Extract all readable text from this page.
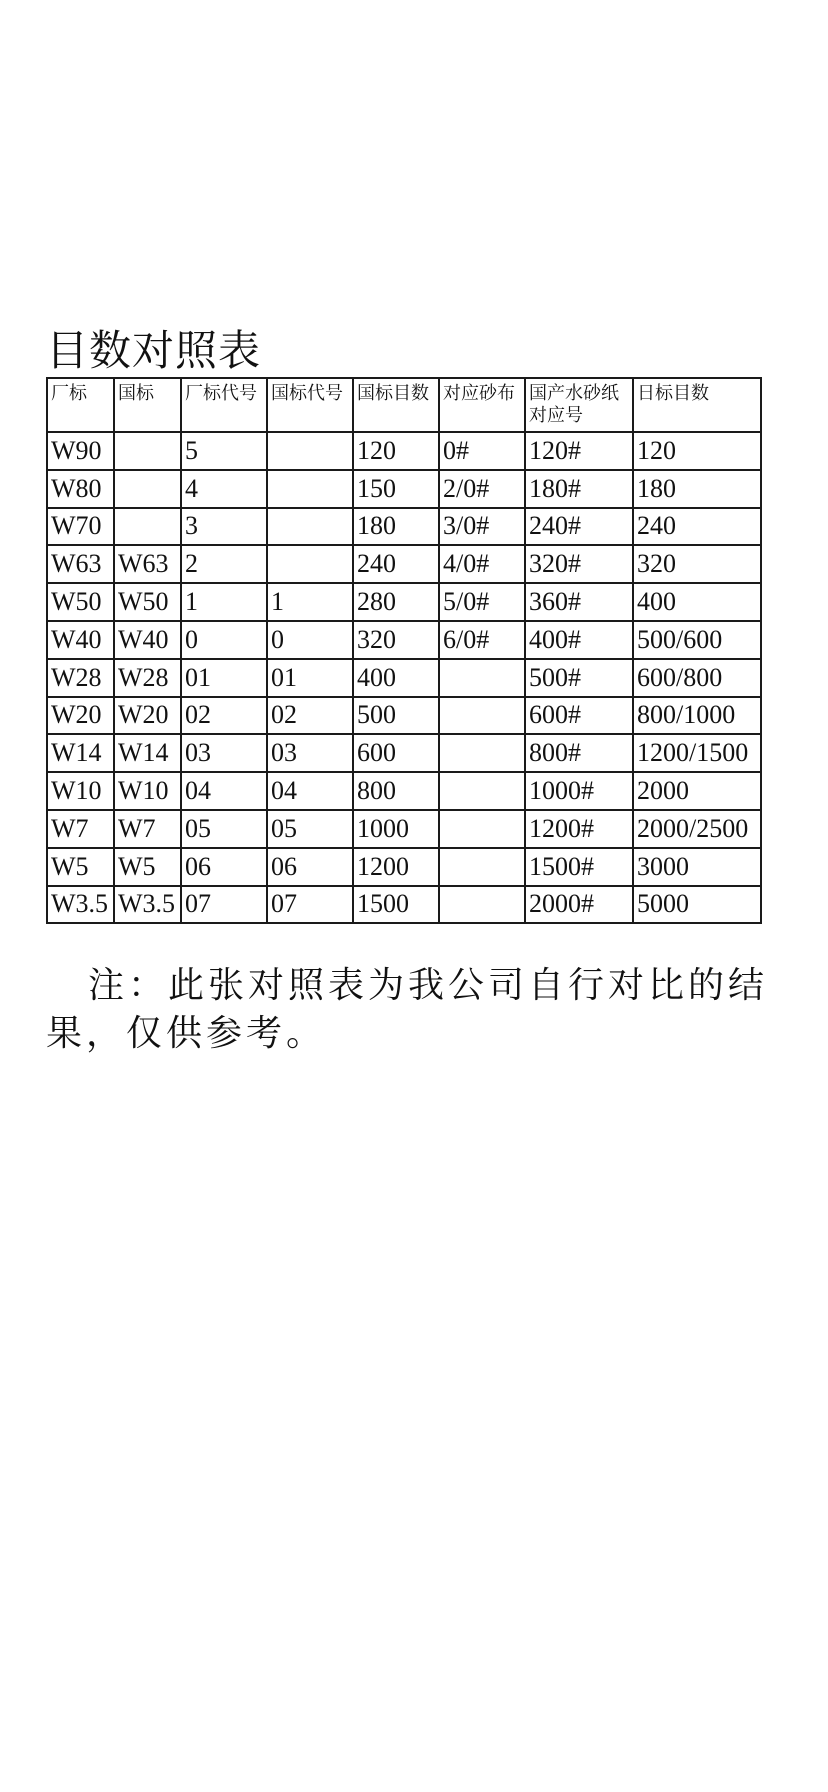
目数对照表
厂标	国标	厂标代号	国标代号	国标目数	对应砂布	国产水砂纸对应号	日标目数
W90		5		120	0#	120#	120
W80		4		150	2/0#	180#	180
W70		3		180	3/0#	240#	240
W63	W63	2		240	4/0#	320#	320
W50	W50	1	1	280	5/0#	360#	400
W40	W40	0	0	320	6/0#	400#	500/600
W28	W28	01	01	400		500#	600/800
W20	W20	02	02	500		600#	800/1000
W14	W14	03	03	600		800#	1200/1500
W10	W10	04	04	800		1000#	2000
W7	W7	05	05	1000		1200#	2000/2500
W5	W5	06	06	1200		1500#	3000
W3.5	W3.5	07	07	1500		2000#	5000
注：此张对照表为我公司自行对比的结果，仅供参考。
